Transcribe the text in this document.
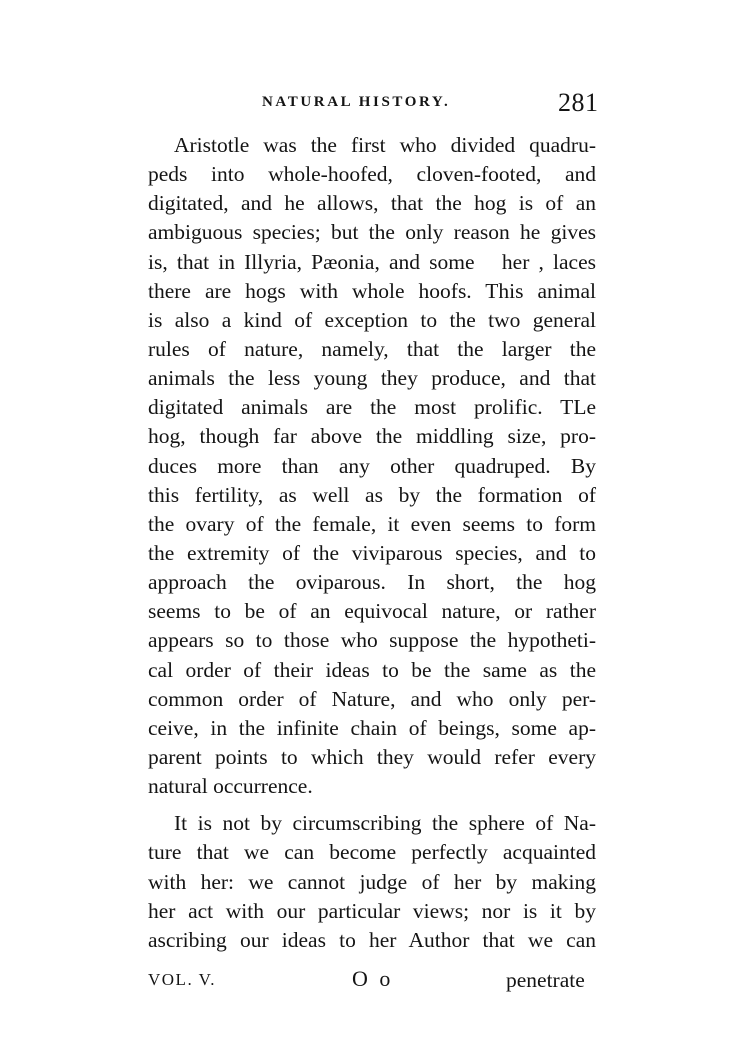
NATURAL HISTORY.	281
Aristotle was the first who divided quadru-
peds into whole-hoofed, cloven-footed, and
digitated, and he allows, that the hog is of an
ambiguous species; but the only reason he gives
is, that in Illyria, Pæonia, and some   her , laces
there are hogs with whole hoofs. This animal
is also a kind of exception to the two general
rules of nature, namely, that the larger the
animals the less young they produce, and that
digitated animals are the most prolific. TLe
hog, though far above the middling size, pro-
duces more than any other quadruped. By
this fertility, as well as by the formation of
the ovary of the female, it even seems to form
the extremity of the viviparous species, and to
approach the oviparous. In short, the hog
seems to be of an equivocal nature, or rather
appears so to those who suppose the hypotheti-
cal order of their ideas to be the same as the
common order of Nature, and who only per-
ceive, in the infinite chain of beings, some ap-
parent points to which they would refer every
natural occurrence.
It is not by circumscribing the sphere of Na-
ture that we can become perfectly acquainted
with her: we cannot judge of her by making
her act with our particular views; nor is it by
ascribing our ideas to her Author that we can
VOL. V.	O o	penetrate
